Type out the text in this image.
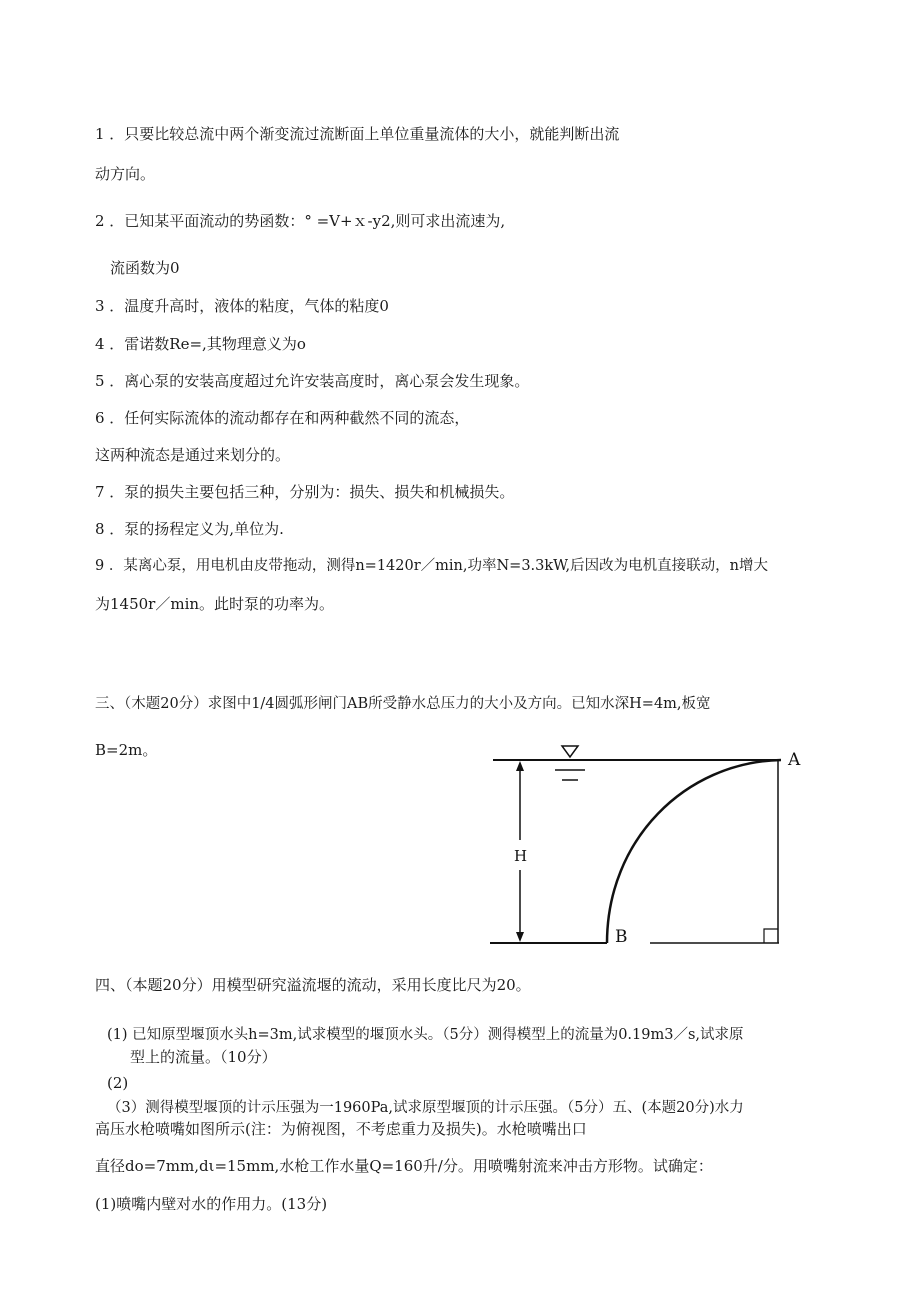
1 ．只要比较总流中两个渐变流过流断面上单位重量流体的大小，就能判断出流
动方向。
2 ．已知某平面流动的势函数：° =V+ｘ-y2,则可求出流速为,
流函数为0
3 ．温度升高时，液体的粘度，气体的粘度0
4 ．雷诺数Re=,其物理意义为o
5 ．离心泵的安装高度超过允许安装高度时，离心泵会发生现象。
6 ．任何实际流体的流动都存在和两种截然不同的流态，
这两种流态是通过来划分的。
7 ．泵的损失主要包括三种，分别为：损失、损失和机械损失。
8 ．泵的扬程定义为,单位为.
9 ．某离心泵，用电机由皮带拖动，测得n=1420r／min,功率N=3.3kW,后因改为电机直接联动，n增大
为1450r／min。此时泵的功率为。
三、（木题20分）求图中1/4圆弧形闸门AB所受静水总压力的大小及方向。已知水深H=4m,板宽
B=2m。
H
A
B
四、（本题20分）用模型研究溢流堰的流动，采用长度比尺为20。
(1) 已知原型堰顶水头h=3m,试求模型的堰顶水头。（5分）测得模型上的流量为0.19m3／s,试求原
型上的流量。（10分）
(2)
（3）测得模型堰顶的计示压强为一1960Pa,试求原型堰顶的计示压强。（5分）五、(本题20分)水力
高压水枪喷嘴如图所示(注：为俯视图，不考虑重力及损失)。水枪喷嘴出口
直径do=7mm,dι=15mm,水枪工作水量Q=160升/分。用喷嘴射流来冲击方形物。试确定：
(1)喷嘴内壁对水的作用力。(13分)
